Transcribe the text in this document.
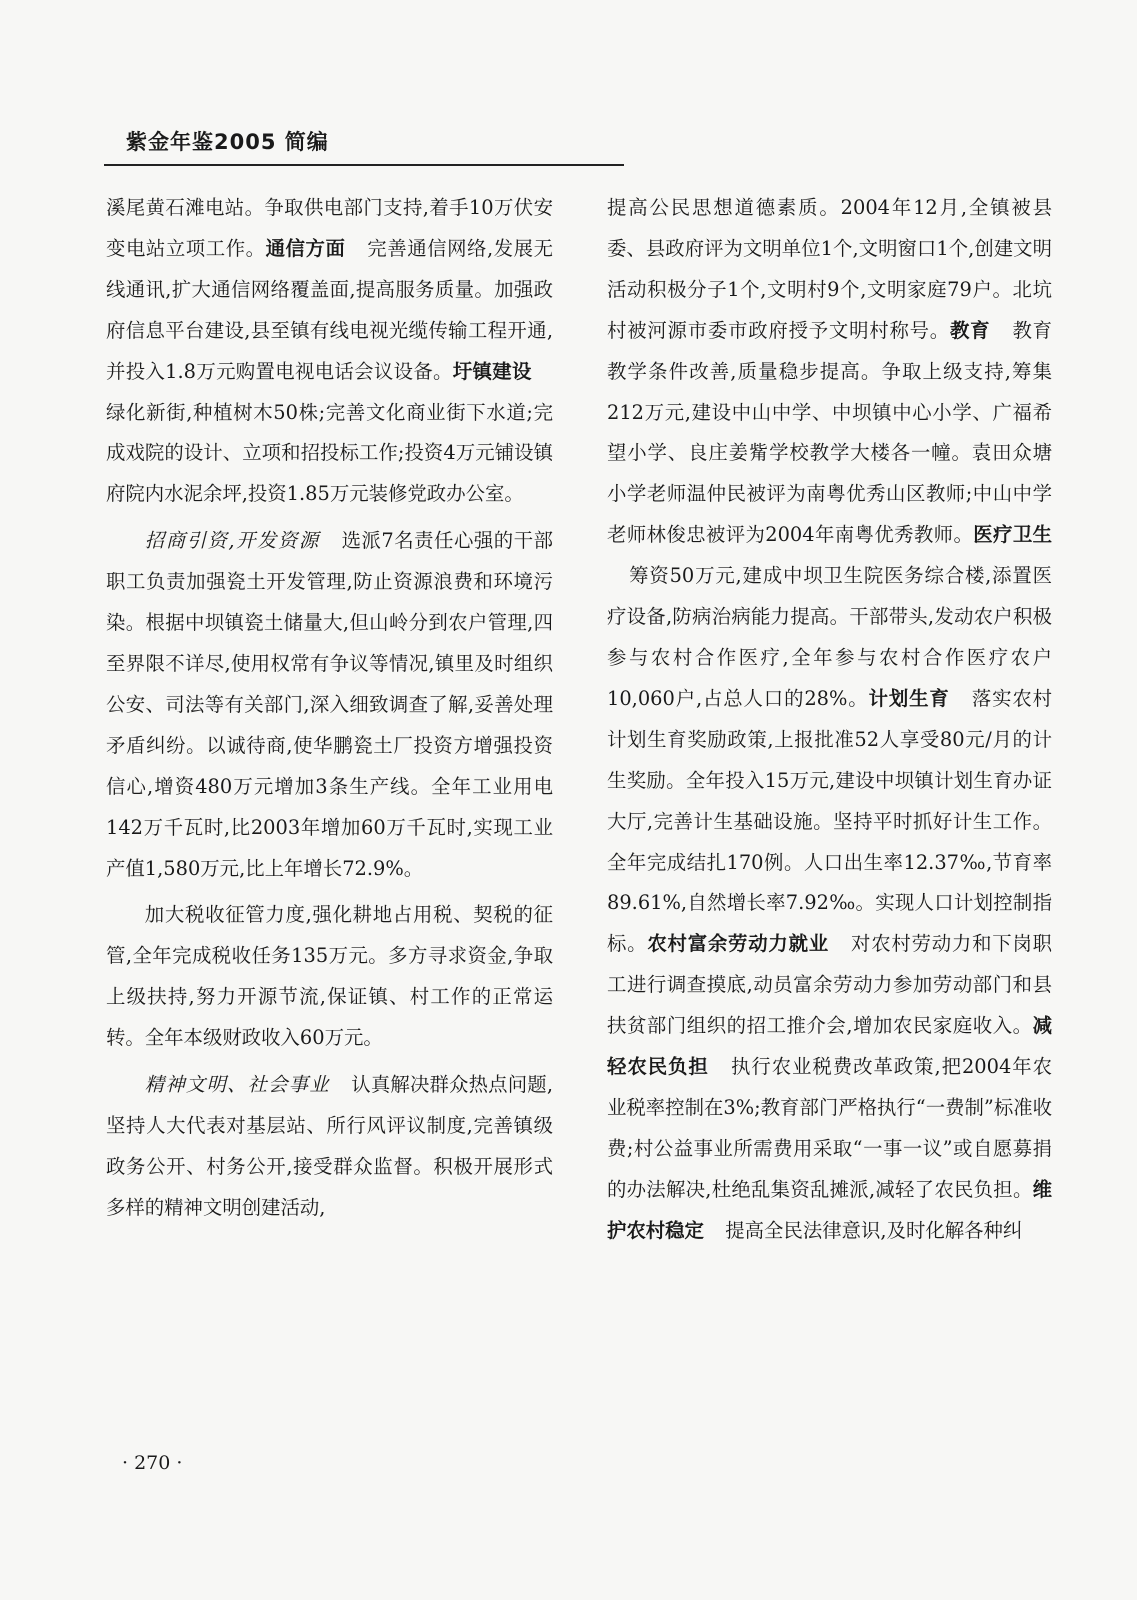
紫金年鉴2005 简编

溪尾黄石滩电站。争取供电部门支持,着手10万伏安变电站立项工作。通信方面 完善通信网络,发展无线通讯,扩大通信网络覆盖面,提高服务质量。加强政府信息平台建设,县至镇有线电视光缆传输工程开通,并投入1.8万元购置电视电话会议设备。圩镇建设绿化新街,种植树木50株;完善文化商业街下水道;完成戏院的设计、立项和招投标工作;投资4万元铺设镇府院内水泥余坪,投资1.85万元装修党政办公室。

招商引资,开发资源 选派7名责任心强的干部职工负责加强瓷土开发管理,防止资源浪费和环境污染。根据中坝镇瓷土储量大,但山岭分到农户管理,四至界限不详尽,使用权常有争议等情况,镇里及时组织公安、司法等有关部门,深入细致调查了解,妥善处理矛盾纠纷。以诚待商,使华鹏瓷土厂投资方增强投资信心,增资480万元增加3条生产线。全年工业用电142万千瓦时,比2003年增加60万千瓦时,实现工业产值1,580万元,比上年增长72.9%。

加大税收征管力度,强化耕地占用税、契税的征管,全年完成税收任务135万元。多方寻求资金,争取上级扶持,努力开源节流,保证镇、村工作的正常运转。全年本级财政收入60万元。

精神文明、社会事业 认真解决群众热点问题,坚持人大代表对基层站、所行风评议制度,完善镇级政务公开、村务公开,接受群众监督。积极开展形式多样的精神文明创建活动,

提高公民思想道德素质。2004年12月,全镇被县委、县政府评为文明单位1个,文明窗口1个,创建文明活动积极分子1个,文明村9个,文明家庭79户。北坑村被河源市委市政府授予文明村称号。教育 教育教学条件改善,质量稳步提高。争取上级支持,筹集212万元,建设中山中学、中坝镇中心小学、广福希望小学、良庄姜觜学校教学大楼各一幢。袁田众塘小学老师温仲民被评为南粤优秀山区教师;中山中学老师林俊忠被评为2004年南粤优秀教师。医疗卫生筹资50万元,建成中坝卫生院医务综合楼,添置医疗设备,防病治病能力提高。干部带头,发动农户积极参与农村合作医疗,全年参与农村合作医疗农户10,060户,占总人口的28%。计划生育 落实农村计划生育奖励政策,上报批准52人享受80元/月的计生奖励。全年投入15万元,建设中坝镇计划生育办证大厅,完善计生基础设施。坚持平时抓好计生工作。全年完成结扎170例。人口出生率12.37‰,节育率89.61%,自然增长率7.92‰。实现人口计划控制指标。农村富余劳动力就业 对农村劳动力和下岗职工进行调查摸底,动员富余劳动力参加劳动部门和县扶贫部门组织的招工推介会,增加农民家庭收入。减轻农民负担 执行农业税费改革政策,把2004年农业税率控制在3%;教育部门严格执行“一费制”标准收费;村公益事业所需费用采取“一事一议”或自愿募捐的办法解决,杜绝乱集资乱摊派,减轻了农民负担。维护农村稳定 提高全民法律意识,及时化解各种纠

· 270 ·
